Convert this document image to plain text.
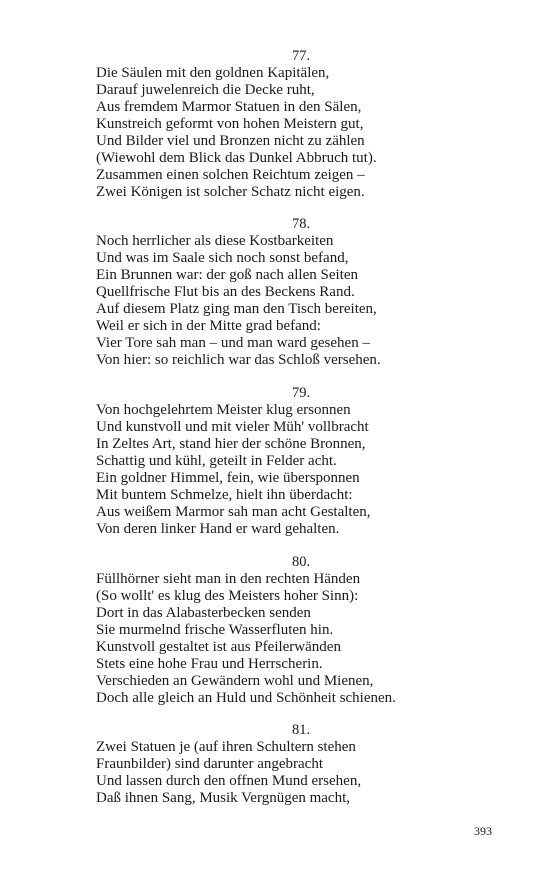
77.
Die Säulen mit den goldnen Kapitälen,
Darauf juwelenreich die Decke ruht,
Aus fremdem Marmor Statuen in den Sälen,
Kunstreich geformt von hohen Meistern gut,
Und Bilder viel und Bronzen nicht zu zählen
(Wiewohl dem Blick das Dunkel Abbruch tut).
Zusammen einen solchen Reichtum zeigen –
Zwei Königen ist solcher Schatz nicht eigen.
78.
Noch herrlicher als diese Kostbarkeiten
Und was im Saale sich noch sonst befand,
Ein Brunnen war: der goß nach allen Seiten
Quellfrische Flut bis an des Beckens Rand.
Auf diesem Platz ging man den Tisch bereiten,
Weil er sich in der Mitte grad befand:
Vier Tore sah man – und man ward gesehen –
Von hier: so reichlich war das Schloß versehen.
79.
Von hochgelehrtem Meister klug ersonnen
Und kunstvoll und mit vieler Müh' vollbracht
In Zeltes Art, stand hier der schöne Bronnen,
Schattig und kühl, geteilt in Felder acht.
Ein goldner Himmel, fein, wie übersponnen
Mit buntem Schmelze, hielt ihn überdacht:
Aus weißem Marmor sah man acht Gestalten,
Von deren linker Hand er ward gehalten.
80.
Füllhörner sieht man in den rechten Händen
(So wollt' es klug des Meisters hoher Sinn):
Dort in das Alabasterbecken senden
Sie murmelnd frische Wasserfluten hin.
Kunstvoll gestaltet ist aus Pfeilerwänden
Stets eine hohe Frau und Herrscherin.
Verschieden an Gewändern wohl und Mienen,
Doch alle gleich an Huld und Schönheit schienen.
81.
Zwei Statuen je (auf ihren Schultern stehen
Fraunbilder) sind darunter angebracht
Und lassen durch den offnen Mund ersehen,
Daß ihnen Sang, Musik Vergnügen macht,
393
